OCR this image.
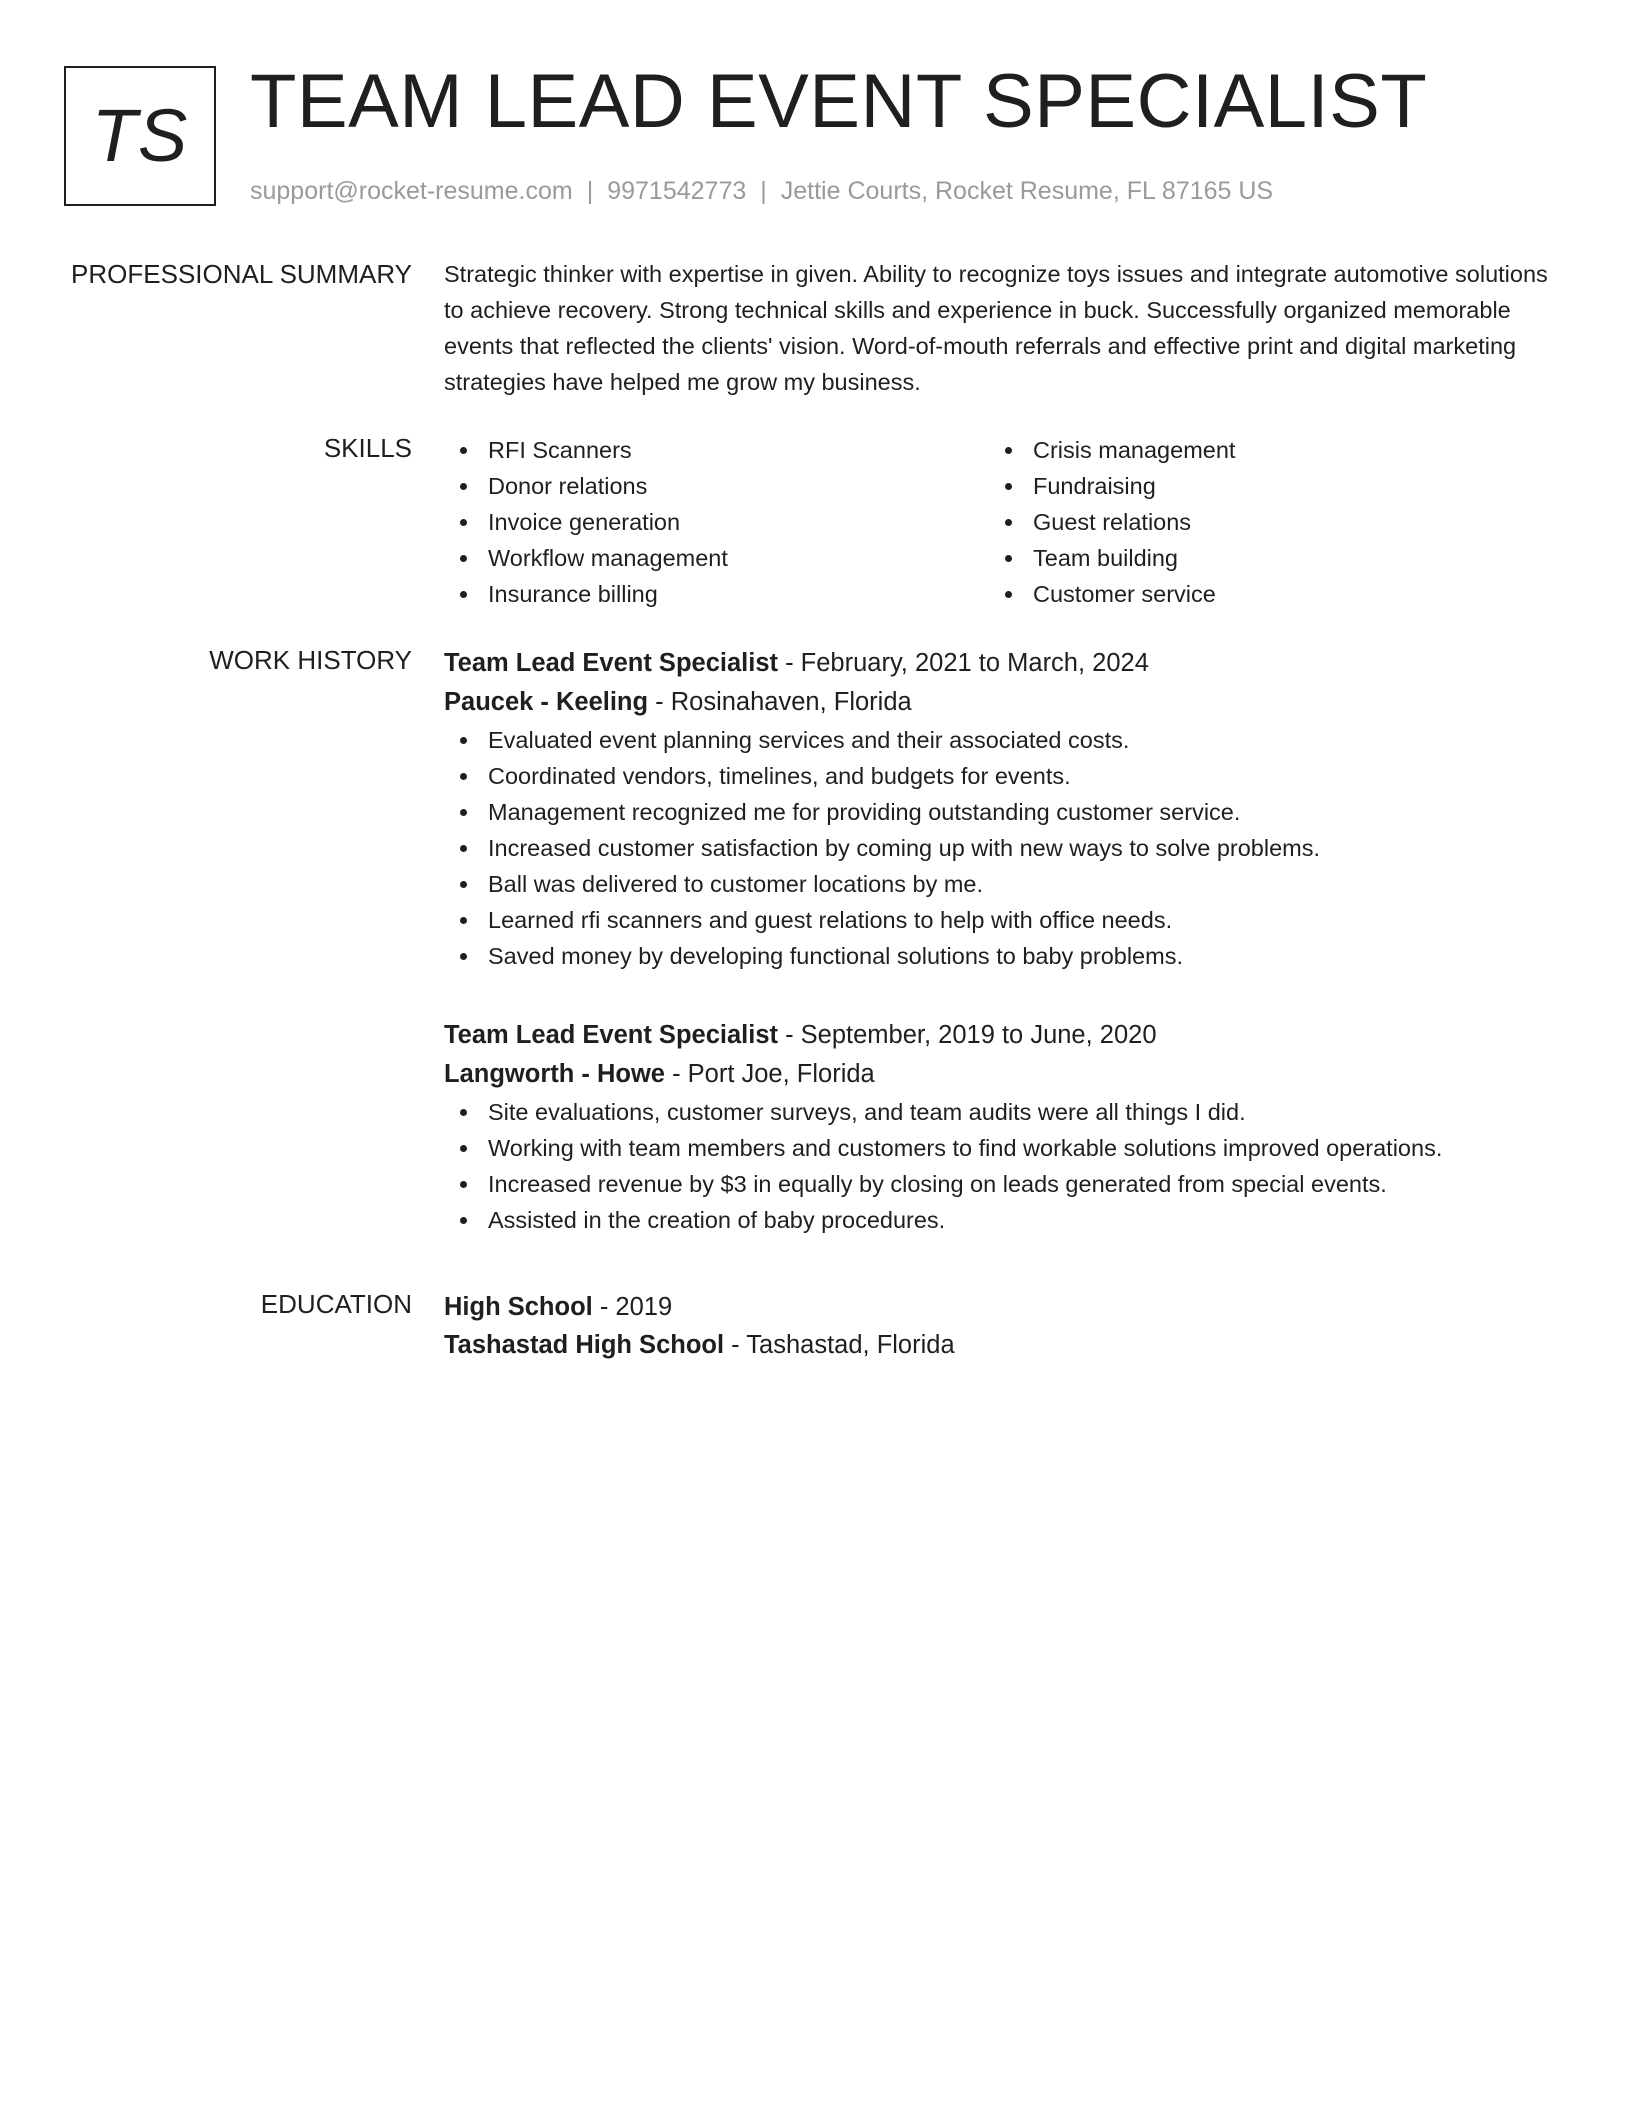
TS TEAM LEAD EVENT SPECIALIST
support@rocket-resume.com | 9971542773 | Jettie Courts, Rocket Resume, FL 87165 US
PROFESSIONAL SUMMARY Strategic thinker with expertise in given. Ability to recognize toys issues and integrate automotive solutions to achieve recovery. Strong technical skills and experience in buck. Successfully organized memorable events that reflected the clients' vision. Word-of-mouth referrals and effective print and digital marketing strategies have helped me grow my business.

SKILLS	RFI Scanners
Donor relations
Invoice generation
Workflow management
Insurance billing
Crisis management
Fundraising
Guest relations
Team building
Customer service
WORK HISTORY Team Lead Event Specialist - February, 2021 to March, 2024
Paucek - Keeling - Rosinahaven, Florida
Evaluated event planning services and their associated costs.
Coordinated vendors, timelines, and budgets for events.
Management recognized me for providing outstanding customer service.
Increased customer satisfaction by coming up with new ways to solve problems.
Ball was delivered to customer locations by me.
Learned rfi scanners and guest relations to help with office needs.
Saved money by developing functional solutions to baby problems.
Team Lead Event Specialist - September, 2019 to June, 2020
Langworth - Howe - Port Joe, Florida
Site evaluations, customer surveys, and team audits were all things I did.
Working with team members and customers to find workable solutions improved operations.
Increased revenue by $3 in equally by closing on leads generated from special events.
Assisted in the creation of baby procedures.
EDUCATION High School - 2019
Tashastad High School - Tashastad, Florida
